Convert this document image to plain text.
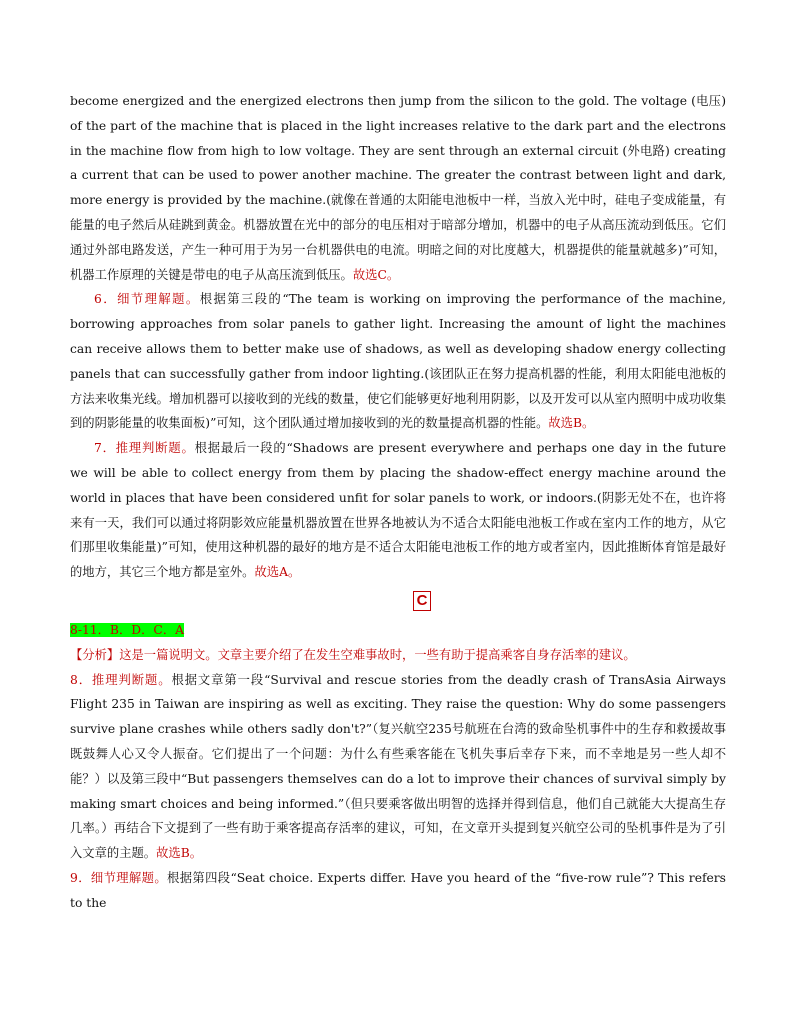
become energized and the energized electrons then jump from the silicon to the gold. The voltage (电压) of the part of the machine that is placed in the light increases relative to the dark part and the electrons in the machine flow from high to low voltage. They are sent through an external circuit (外电路) creating a current that can be used to power another machine. The greater the contrast between light and dark, more energy is provided by the machine.(就像在普通的太阳能电池板中一样，当放入光中时，硅电子变成能量，有能量的电子然后从硅跳到黄金。机器放置在光中的部分的电压相对于暗部分增加，机器中的电子从高压流动到低压。它们通过外部电路发送，产生一种可用于为另一台机器供电的电流。明暗之间的对比度越大，机器提供的能量就越多)”可知，机器工作原理的关键是带电的电子从高压流到低压。故选C。

6．细节理解题。根据第三段的“The team is working on improving the performance of the machine, borrowing approaches from solar panels to gather light. Increasing the amount of light the machines can receive allows them to better make use of shadows, as well as developing shadow energy collecting panels that can successfully gather from indoor lighting.(该团队正在努力提高机器的性能，利用太阳能电池板的方法来收集光线。增加机器可以接收到的光线的数量，使它们能够更好地利用阴影，以及开发可以从室内照明中成功收集到的阴影能量的收集面板)”可知，这个团队通过增加接收到的光的数量提高机器的性能。故选B。

7．推理判断题。根据最后一段的“Shadows are present everywhere and perhaps one day in the future we will be able to collect energy from them by placing the shadow-effect energy machine around the world in places that have been considered unfit for solar panels to work, or indoors.(阴影无处不在，也许将来有一天，我们可以通过将阴影效应能量机器放置在世界各地被认为不适合太阳能电池板工作或在室内工作的地方，从它们那里收集能量)”可知，使用这种机器的最好的地方是不适合太阳能电池板工作的地方或者室内，因此推断体育馆是最好的地方，其它三个地方都是室外。故选A。

C

8-11．B．D．C．A

【分析】这是一篇说明文。文章主要介绍了在发生空难事故时，一些有助于提高乘客自身存活率的建议。

8．推理判断题。根据文章第一段“Survival and rescue stories from the deadly crash of TransAsia Airways Flight 235 in Taiwan are inspiring as well as exciting. They raise the question: Why do some passengers survive plane crashes while others sadly don't?”（复兴航空235号航班在台湾的致命坠机事件中的生存和救援故事既鼓舞人心又令人振奋。它们提出了一个问题：为什么有些乘客能在飞机失事后幸存下来，而不幸地是另一些人却不能？）以及第三段中“But passengers themselves can do a lot to improve their chances of survival simply by making smart choices and being informed.”（但只要乘客做出明智的选择并得到信息，他们自己就能大大提高生存几率。）再结合下文提到了一些有助于乘客提高存活率的建议，可知，在文章开头提到复兴航空公司的坠机事件是为了引入文章的主题。故选B。

9．细节理解题。根据第四段“Seat choice. Experts differ. Have you heard of the “five-row rule”? This refers to the
